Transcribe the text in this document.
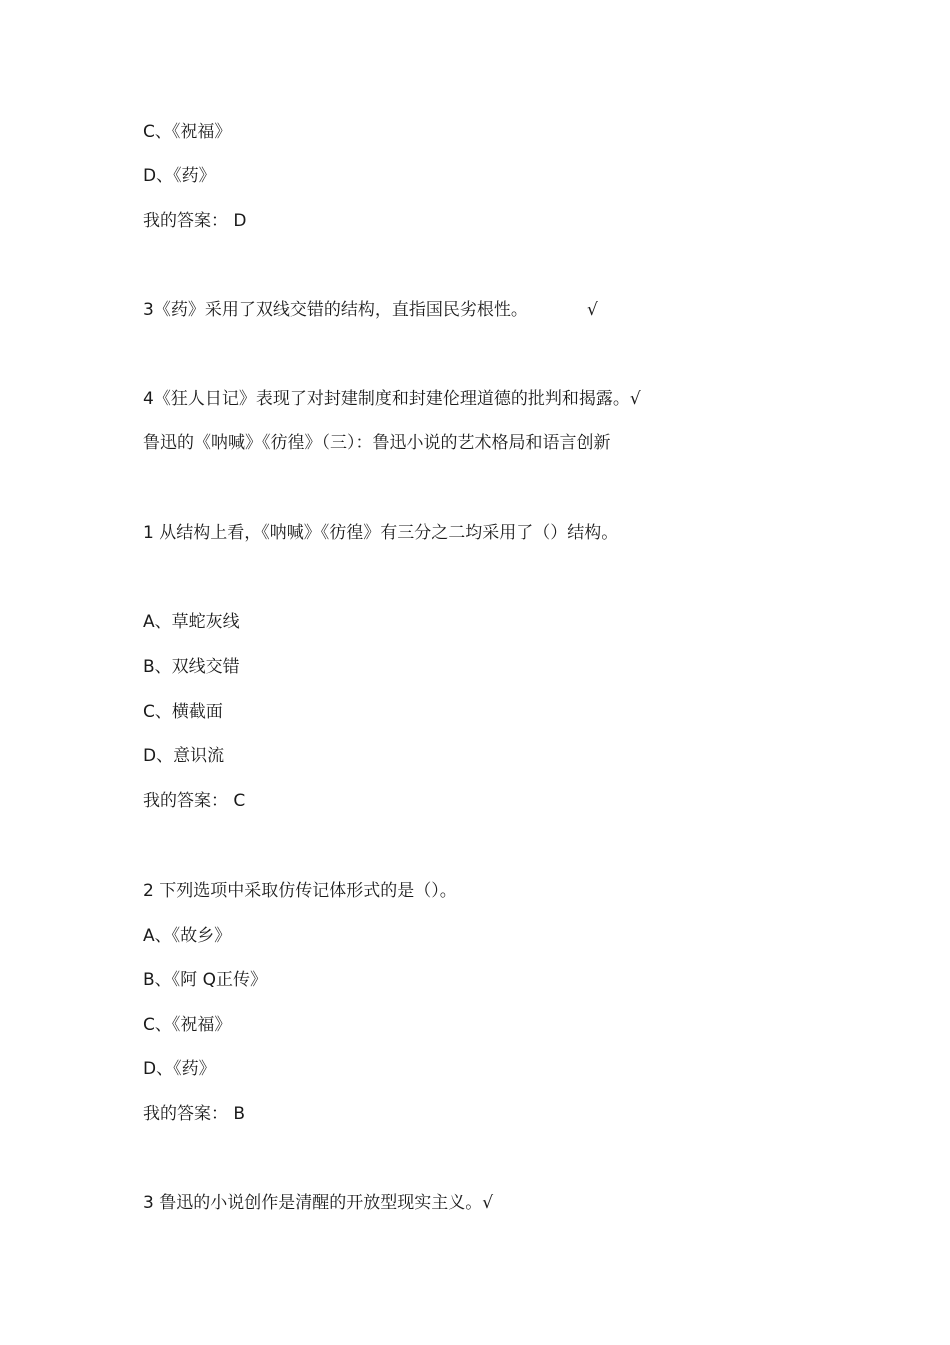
C、《祝福》
D、《药》
我的答案： D
3《药》采用了双线交错的结构，直指国民劣根性。	√
4《狂人日记》表现了对封建制度和封建伦理道德的批判和揭露。√
鲁迅的《呐喊》《彷徨》（三）：鲁迅小说的艺术格局和语言创新
1 从结构上看，《呐喊》《彷徨》有三分之二均采用了（）结构。
A、草蛇灰线
B、双线交错
C、横截面
D、意识流
我的答案： C
2 下列选项中采取仿传记体形式的是（）。
A、《故乡》
B、《阿 Q正传》
C、《祝福》
D、《药》
我的答案： B
3 鲁迅的小说创作是清醒的开放型现实主义。√
